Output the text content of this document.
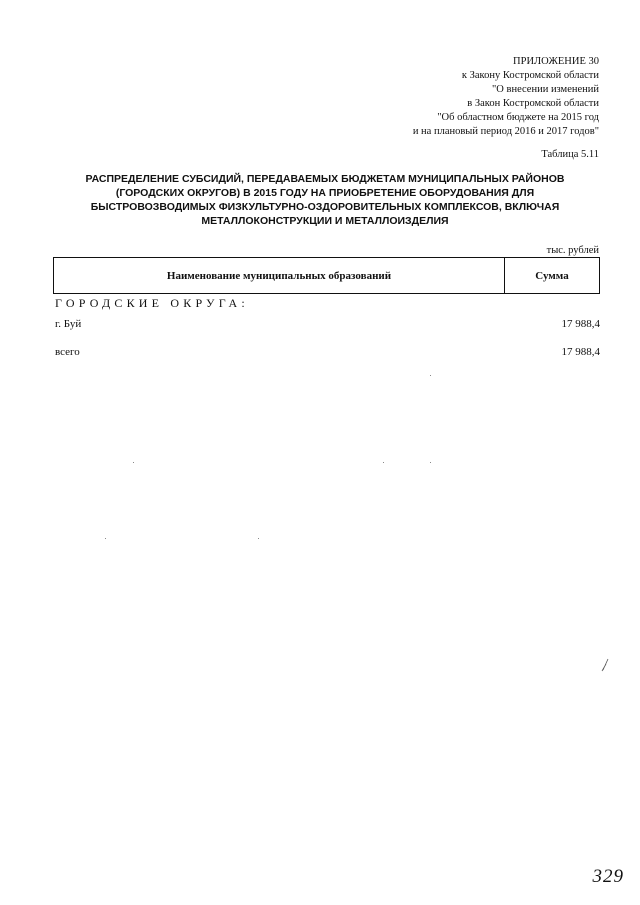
ПРИЛОЖЕНИЕ 30
к Закону Костромской области
"О внесении изменений
в Закон Костромской области
"Об областном бюджете на 2015 год
и на плановый период 2016 и 2017 годов"
Таблица 5.11
РАСПРЕДЕЛЕНИЕ СУБСИДИЙ, ПЕРЕДАВАЕМЫХ БЮДЖЕТАМ МУНИЦИПАЛЬНЫХ РАЙОНОВ (ГОРОДСКИХ ОКРУГОВ) В 2015 ГОДУ НА ПРИОБРЕТЕНИЕ ОБОРУДОВАНИЯ ДЛЯ БЫСТРОВОЗВОДИМЫХ ФИЗКУЛЬТУРНО-ОЗДОРОВИТЕЛЬНЫХ КОМПЛЕКСОВ, ВКЛЮЧАЯ МЕТАЛЛОКОНСТРУКЦИИ И МЕТАЛЛОИЗДЕЛИЯ
тыс. рублей
Наименование муниципальных образований	Сумма
ГОРОДСКИЕ ОКРУГА:
г. Буй	17 988,4
всего	17 988,4
329
